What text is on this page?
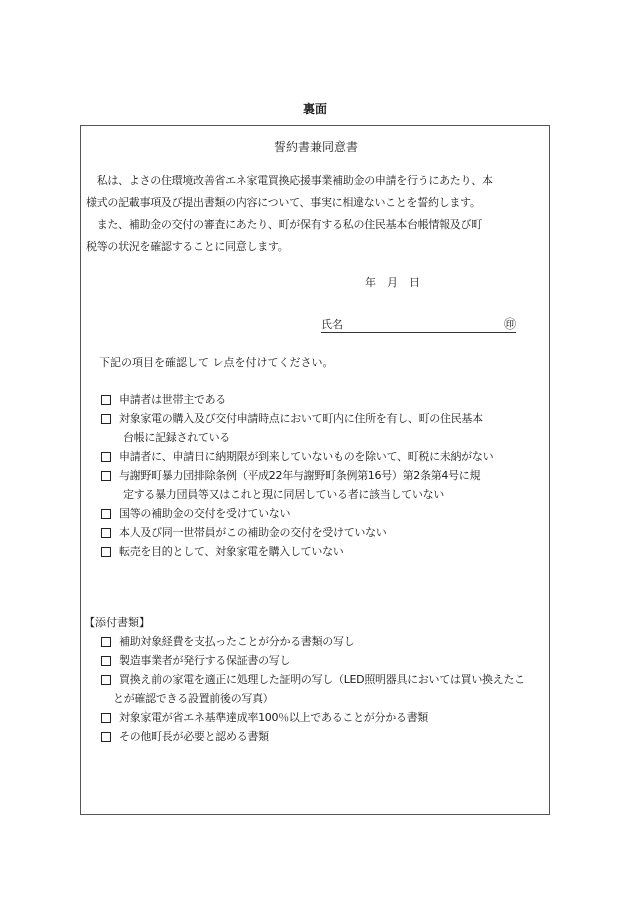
裏面
誓約書兼同意書
　私は、よさの住環境改善省エネ家電買換応援事業補助金の申請を行うにあたり、本
様式の記載事項及び提出書類の内容について、事実に相違ないことを誓約します。
　また、補助金の交付の審査にあたり、町が保有する私の住民基本台帳情報及び町
税等の状況を確認することに同意します。
年　月　日
氏名	㊞
下記の項目を確認して レ点を付けてください。
申請者は世帯主である
対象家電の購入及び交付申請時点において町内に住所を有し、町の住民基本
台帳に記録されている
申請者に、申請日に納期限が到来していないものを除いて、町税に未納がない
与謝野町暴力団排除条例（平成22年与謝野町条例第16号）第2条第4号に規
定する暴力団員等又はこれと現に同居している者に該当していない
国等の補助金の交付を受けていない
本人及び同一世帯員がこの補助金の交付を受けていない
転売を目的として、対象家電を購入していない
【添付書類】
補助対象経費を支払ったことが分かる書類の写し
製造事業者が発行する保証書の写し
買換え前の家電を適正に処理した証明の写し（LED照明器具においては買い換えたこ
とが確認できる設置前後の写真）
対象家電が省エネ基準達成率100％以上であることが分かる書類
その他町長が必要と認める書類
